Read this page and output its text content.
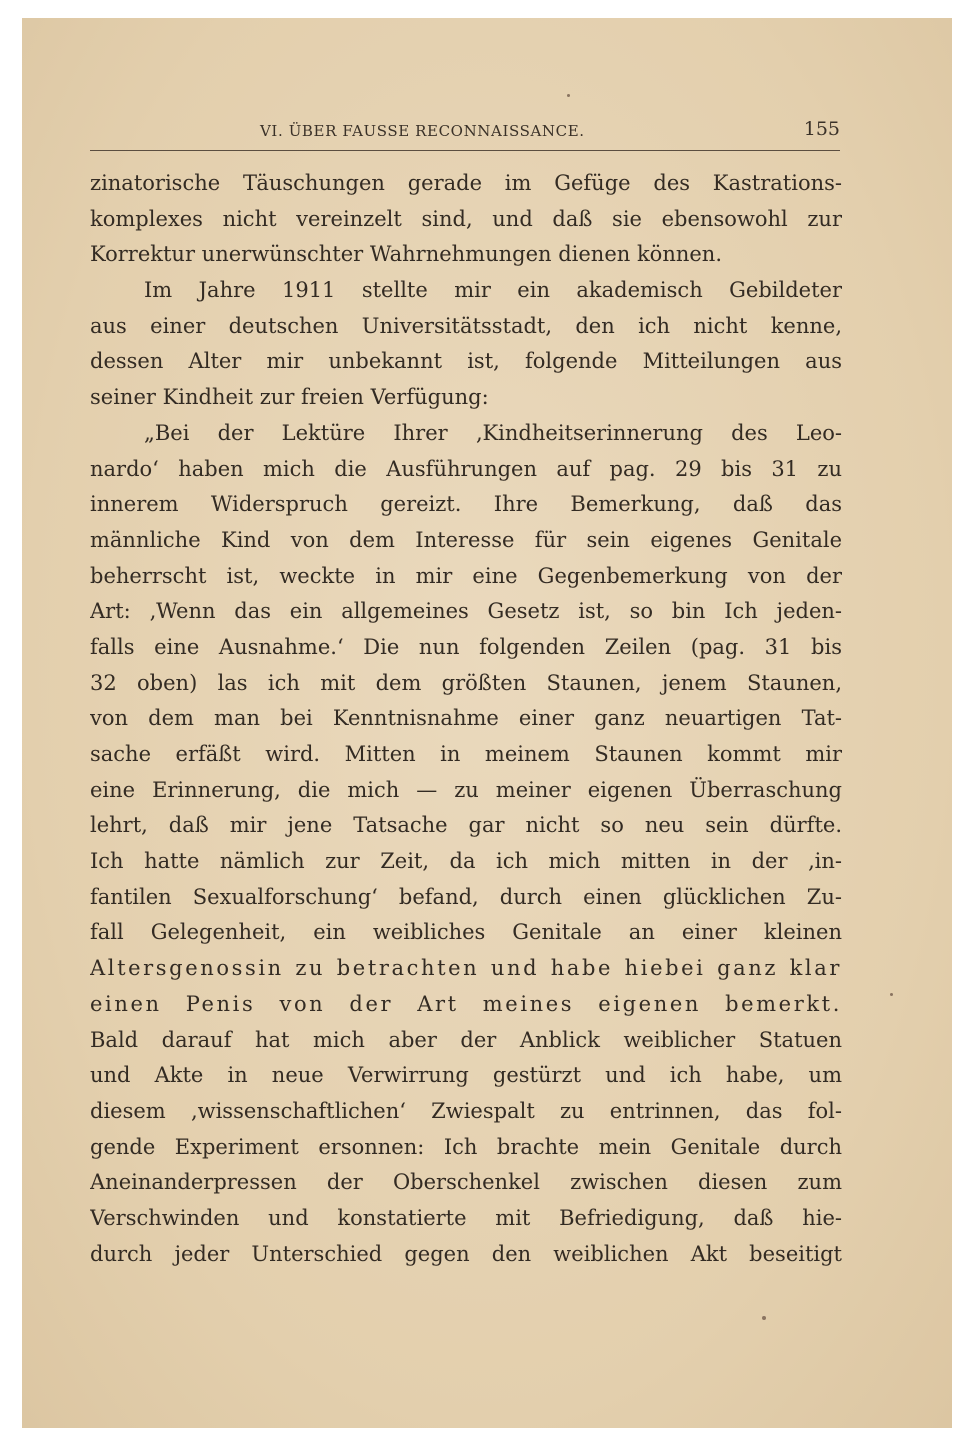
VI. ÜBER FAUSSE RECONNAISSANCE.	155
zinatorische Täuschungen gerade im Gefüge des Kastrations-
komplexes nicht vereinzelt sind, und daß sie ebensowohl zur
Korrektur unerwünschter Wahrnehmungen dienen können.
Im Jahre 1911 stellte mir ein akademisch Gebildeter
aus einer deutschen Universitätsstadt, den ich nicht kenne,
dessen Alter mir unbekannt ist, folgende Mitteilungen aus
seiner Kindheit zur freien Verfügung:
„Bei der Lektüre Ihrer ‚Kindheitserinnerung des Leo-
nardo‘ haben mich die Ausführungen auf pag. 29 bis 31 zu
innerem Widerspruch gereizt. Ihre Bemerkung, daß das
männliche Kind von dem Interesse für sein eigenes Genitale
beherrscht ist, weckte in mir eine Gegenbemerkung von der
Art: ‚Wenn das ein allgemeines Gesetz ist, so bin Ich jeden-
falls eine Ausnahme.‘ Die nun folgenden Zeilen (pag. 31 bis
32 oben) las ich mit dem größten Staunen, jenem Staunen,
von dem man bei Kenntnisnahme einer ganz neuartigen Tat-
sache erfäßt wird. Mitten in meinem Staunen kommt mir
eine Erinnerung, die mich — zu meiner eigenen Überraschung
lehrt, daß mir jene Tatsache gar nicht so neu sein dürfte.
Ich hatte nämlich zur Zeit, da ich mich mitten in der ‚in-
fantilen Sexualforschung‘ befand, durch einen glücklichen Zu-
fall Gelegenheit, ein weibliches Genitale an einer kleinen
Altersgenossin zu betrachten und habe hiebei ganz klar
einen Penis von der Art meines eigenen bemerkt.
Bald darauf hat mich aber der Anblick weiblicher Statuen
und Akte in neue Verwirrung gestürzt und ich habe, um
diesem ‚wissenschaftlichen‘ Zwiespalt zu entrinnen, das fol-
gende Experiment ersonnen: Ich brachte mein Genitale durch
Aneinanderpressen der Oberschenkel zwischen diesen zum
Verschwinden und konstatierte mit Befriedigung, daß hie-
durch jeder Unterschied gegen den weiblichen Akt beseitigt
